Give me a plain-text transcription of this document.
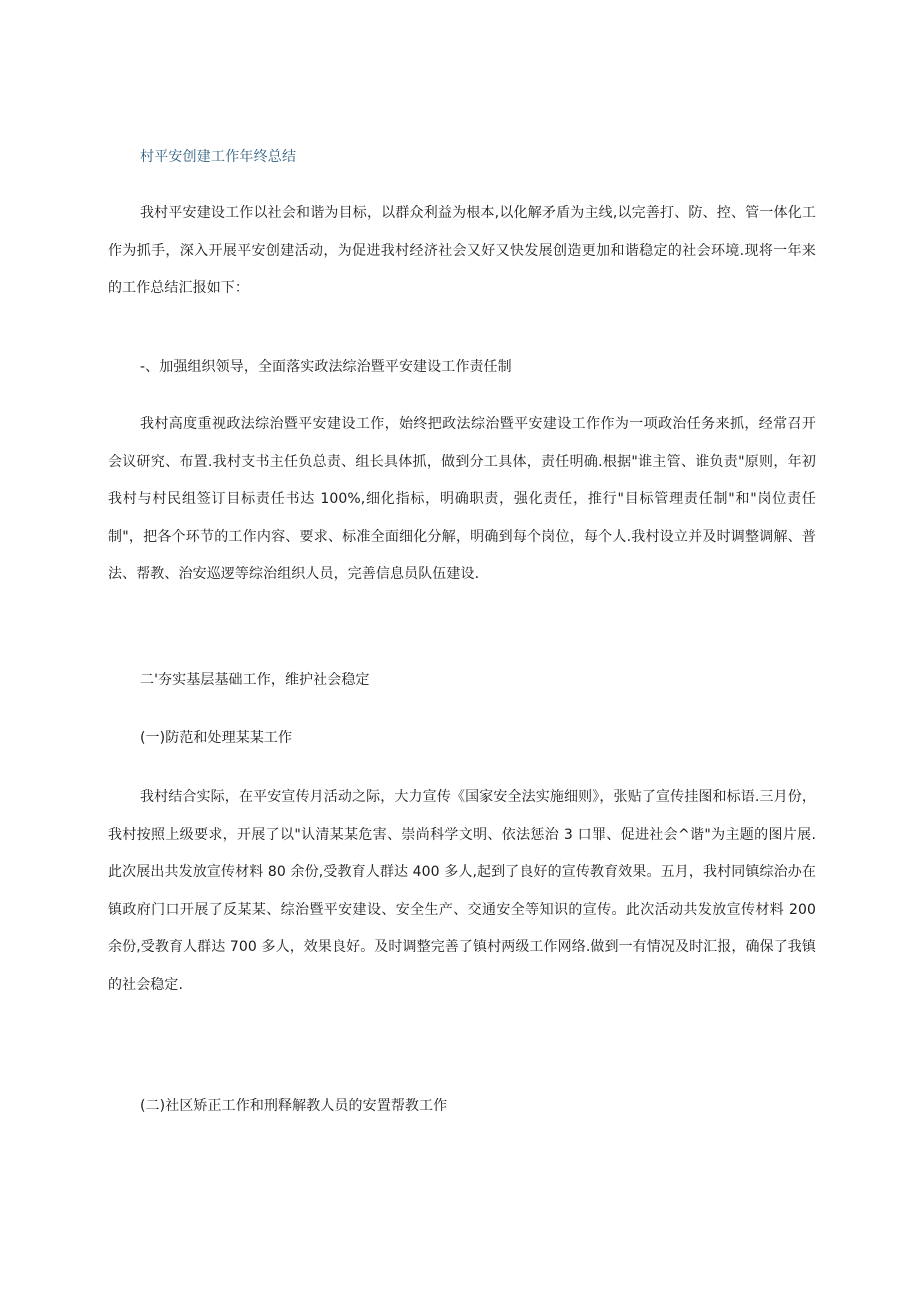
村平安创建工作年终总结
我村平安建设工作以社会和谐为目标，以群众利益为根本,以化解矛盾为主线,以完善打、防、控、管一体化工作为抓手，深入开展平安创建活动，为促进我村经济社会又好又快发展创造更加和谐稳定的社会环境.现将一年来的工作总结汇报如下：
-、加强组织领导，全面落实政法综治暨平安建设工作责任制
我村高度重视政法综治暨平安建设工作，始终把政法综治暨平安建设工作作为一项政治任务来抓，经常召开会议研究、布置.我村支书主任负总责、组长具体抓，做到分工具体，责任明确.根据"谁主管、谁负责"原则，年初我村与村民组签订目标责任书达 100%,细化指标，明确职责，强化责任，推行"目标管理责任制"和"岗位责任制"，把各个环节的工作内容、要求、标准全面细化分解，明确到每个岗位，每个人.我村设立并及时调整调解、普法、帮教、治安巡逻等综治组织人员，完善信息员队伍建设.
二'夯实基层基础工作，维护社会稳定
(一)防范和处理某某工作
我村结合实际，在平安宣传月活动之际，大力宣传《国家安全法实施细则》，张贴了宣传挂图和标语.三月份，我村按照上级要求，开展了以"认清某某危害、崇尚科学文明、依法惩治 3 口罪、促进社会^谐"为主题的图片展.此次展出共发放宣传材料 80 余份,受教育人群达 400 多人,起到了良好的宣传教育效果。五月，我村同镇综治办在镇政府门口开展了反某某、综治暨平安建设、安全生产、交通安全等知识的宣传。此次活动共发放宣传材料 200 余份,受教育人群达 700 多人，效果良好。及时调整完善了镇村两级工作网络.做到一有情况及时汇报，确保了我镇的社会稳定.
(二)社区矫正工作和刑释解教人员的安置帮教工作
